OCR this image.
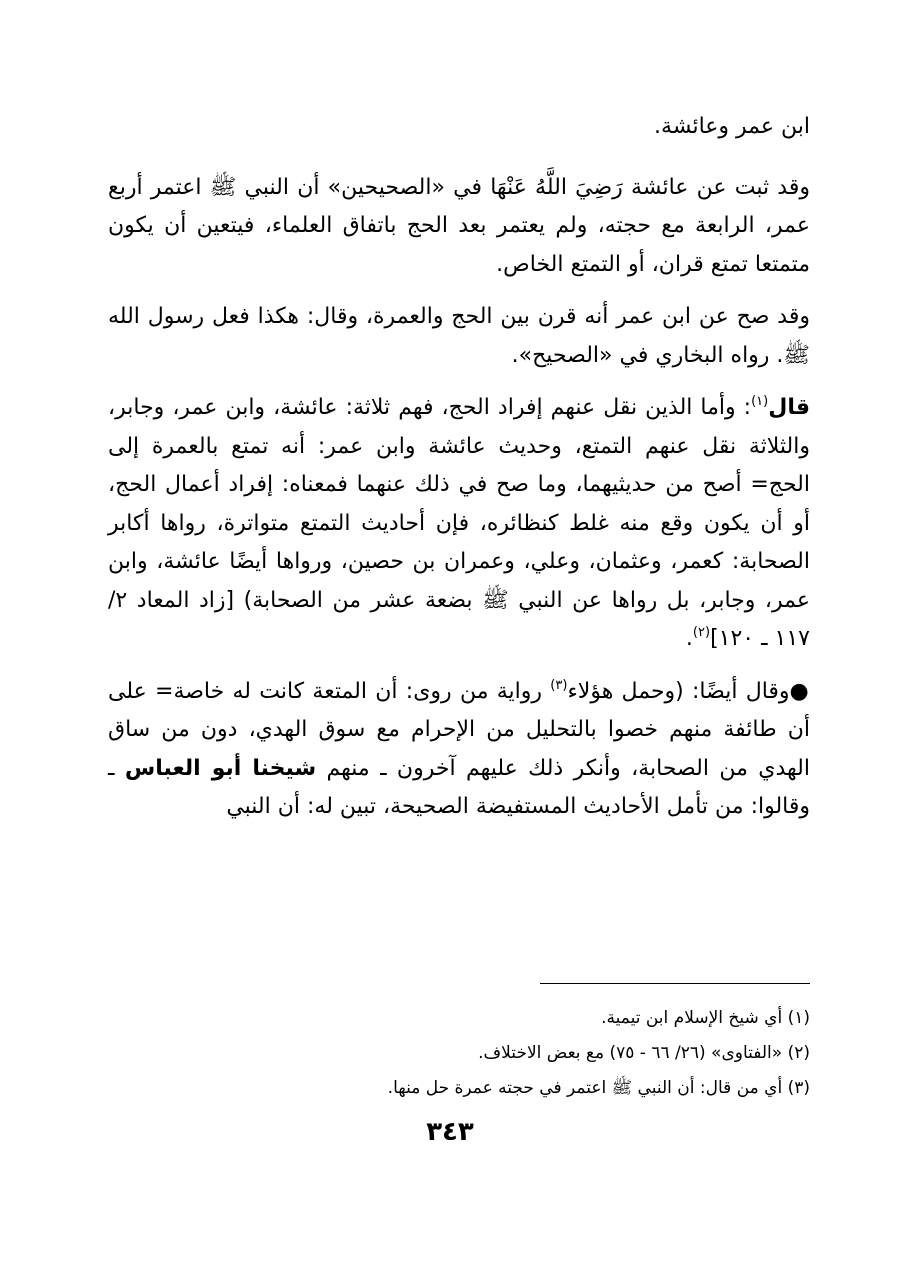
ابن عمر وعائشة.

وقد ثبت عن عائشة رَضِيَ اللَّهُ عَنْهَا في «الصحيحين» أن النبي ﷺ اعتمر أربع عمر، الرابعة مع حجته، ولم يعتمر بعد الحج باتفاق العلماء، فيتعين أن يكون متمتعا تمتع قران، أو التمتع الخاص.

وقد صح عن ابن عمر أنه قرن بين الحج والعمرة، وقال: هكذا فعل رسول الله ﷺ. رواه البخاري في «الصحيح».

قال$^{(١)}$: وأما الذين نقل عنهم إفراد الحج، فهم ثلاثة: عائشة، وابن عمر، وجابر، والثلاثة نقل عنهم التمتع، وحديث عائشة وابن عمر: أنه تمتع بالعمرة إلى الحج= أصح من حديثيهما، وما صح في ذلك عنهما فمعناه: إفراد أعمال الحج، أو أن يكون وقع منه غلط كنظائره، فإن أحاديث التمتع متواترة، رواها أكابر الصحابة: كعمر، وعثمان، وعلي، وعمران بن حصين، ورواها أيضًا عائشة، وابن عمر، وجابر، بل رواها عن النبي ﷺ بضعة عشر من الصحابة) [زاد المعاد ٢/ ١١٧ ـ ١٢٠]$^{(٢)}$.

●وقال أيضًا: (وحمل هؤلاء$^{(٣)}$ رواية من روى: أن المتعة كانت له خاصة= على أن طائفة منهم خصوا بالتحليل من الإحرام مع سوق الهدي، دون من ساق الهدي من الصحابة، وأنكر ذلك عليهم آخرون ـ منهم شيخنا أبو العباس ـ وقالوا: من تأمل الأحاديث المستفيضة الصحيحة، تبين له: أن النبي

(١) أي شيخ الإسلام ابن تيمية.
(٢) «الفتاوى» (٢٦/ ٦٦ - ٧٥) مع بعض الاختلاف.
(٣) أي من قال: أن النبي ﷺ اعتمر في حجته عمرة حل منها.
٣٤٣
